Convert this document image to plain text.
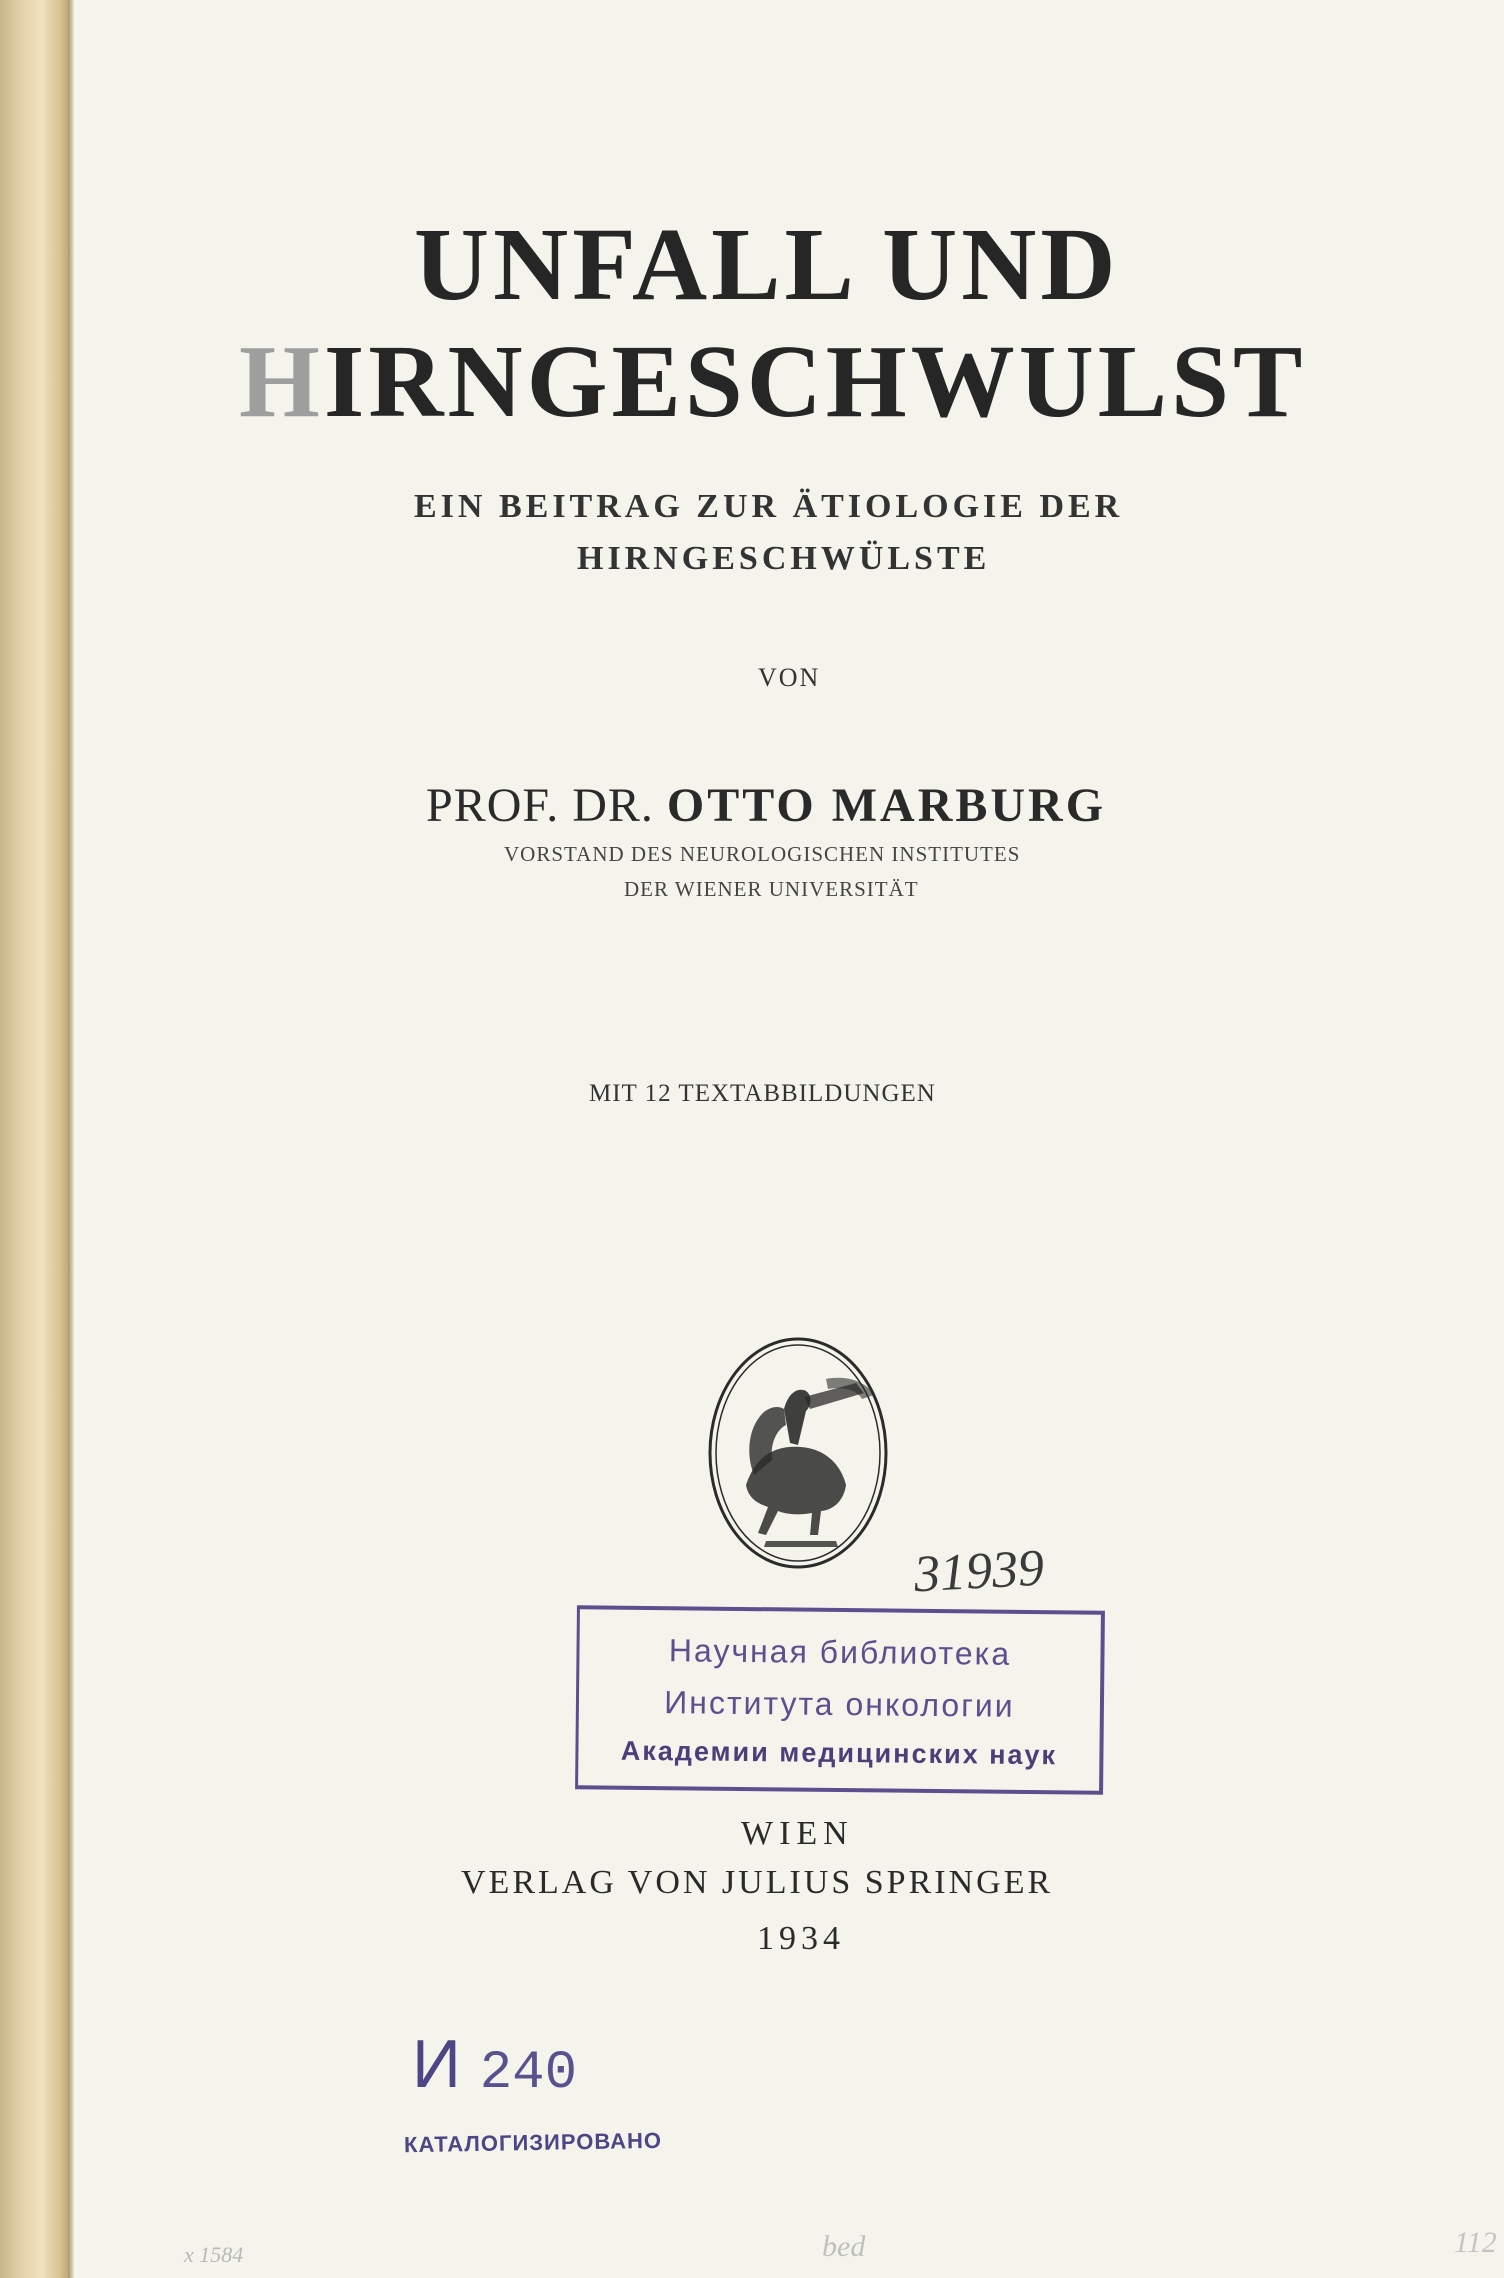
UNFALL UND
HIRNGESCHWULST
EIN BEITRAG ZUR ÄTIOLOGIE DER
HIRNGESCHWÜLSTE
VON
PROF. DR. OTTO MARBURG
VORSTAND DES NEUROLOGISCHEN INSTITUTES
DER WIENER UNIVERSITÄT
MIT 12 TEXTABBILDUNGEN
31939
Научная библиотека
Института онкологии
Академии медицинских наук
WIEN
VERLAG VON JULIUS SPRINGER
1934
И 240
КАТАЛОГИЗИРОВАНО
x 1584	bed	112
